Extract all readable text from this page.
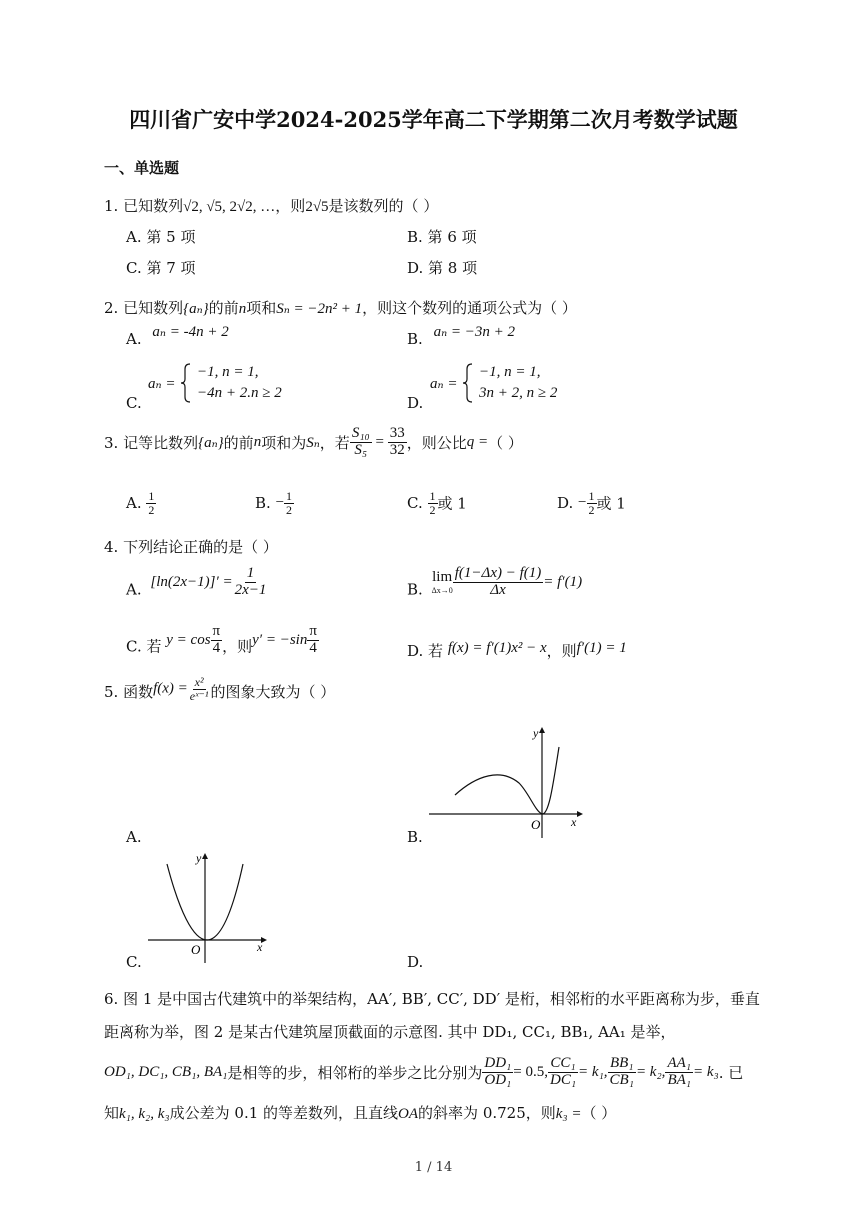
四川省广安中学2024-2025学年高二下学期第二次月考数学试题
一、单选题
1. 已知数列√2, √5, 2√2, …，则2√5是该数列的（ ）
A. 第 5 项	B. 第 6 项
C. 第 7 项	D. 第 8 项
2. 已知数列{aₙ}的前n项和Sₙ = −2n² + 1，则这个数列的通项公式为（ ）
A. aₙ = -4n + 2	B. aₙ = −3n + 2
C.
aₙ =
−1, n = 1,
−4n + 2.n ≥ 2
D.
aₙ =
−1, n = 1,
3n + 2, n ≥ 2
3. 记等比数列{aₙ}的前n项和为Sₙ，若 $\frac{\text{S₁₀}}{\text{S₅}} = \frac{33}{32}$ ，则公比q =（ ）
A. $\frac{1}{2}$	B. − $\frac{1}{2}$	C. $\frac{1}{2}$ 或 1	D. − $\frac{1}{2}$ 或 1
4. 下列结论正确的是（ ）
A. $[\ln(2x-1)]' = \frac{1}{2x-1}$	B.
lim
$\Delta x\to 0 \frac{f(1-\Delta x) - f(1)}{\Delta x} = f'(1)$
C. 若 $y = \cos \frac{\pi}{4}$ ，则$y' = -\sin \frac{\pi}{4}$	D. 若 f(x) = f′(1)x² − x，则f′(1) = 1
5. 函数$f(x) = \frac{\text{x²}}{\text{eˣ⁻¹}}$ 的图象大致为（ ）
A.	B.
C.	D.
O	x
y
O	x
y
6. 图 1 是中国古代建筑中的举架结构，AA′, BB′, CC′, DD′ 是桁，相邻桁的水平距离称为步，垂直
距离称为举，图 2 是某古代建筑屋顶截面的示意图. 其中 DD₁, CC₁, BB₁, AA₁ 是举，
OD₁, DC₁, CB₁, BA₁是相等的步，相邻桁的举步之比分别为 $\frac{\text{DD₁}}{\text{OD₁}} = 0.5$, $\frac{\text{CC₁}}{\text{DC₁}} = k_1$, $\frac{\text{BB₁}}{\text{CB₁}} = k_2$, $\frac{\text{AA₁}}{\text{BA₁}} = k_3$. 已
知k₁, k₂, k₃成公差为 0.1 的等差数列，且直线OA的斜率为 0.725，则k₃ =（ ）
1 / 14
